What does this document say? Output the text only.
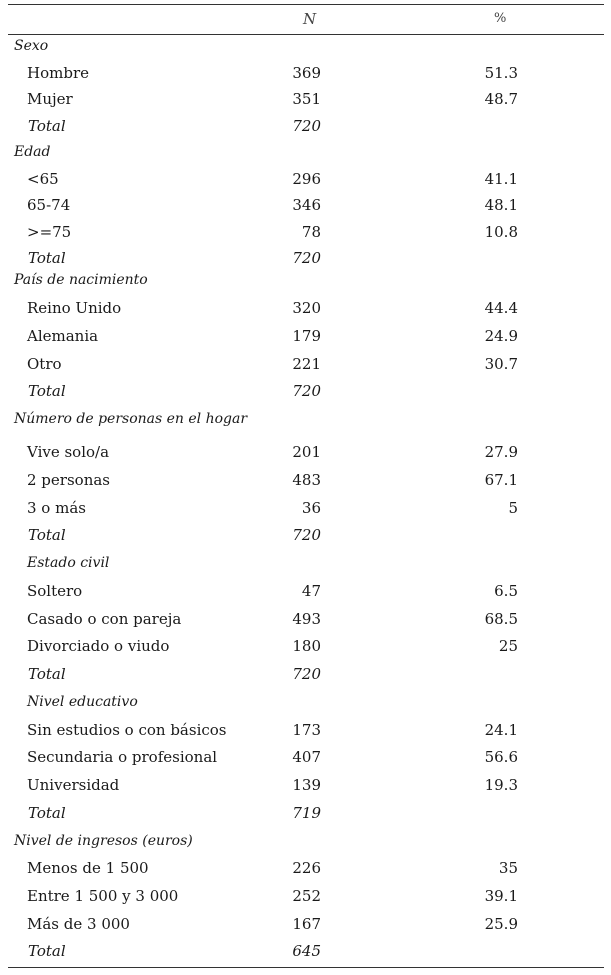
N	%
Sexo
Hombre	369	51.3
Mujer	351	48.7
Total	720
Edad
<65	296	41.1
65-74	346	48.1
>=75	78	10.8
Total	720
País de nacimiento
Reino Unido	320	44.4
Alemania	179	24.9
Otro	221	30.7
Total	720
Número de personas en el hogar
Vive solo/a	201	27.9
2 personas	483	67.1
3 o más	36	5
Total	720
Estado civil
Soltero	47	6.5
Casado o con pareja	493	68.5
Divorciado o viudo	180	25
Total	720
Nivel educativo
Sin estudios o con básicos	173	24.1
Secundaria o profesional	407	56.6
Universidad	139	19.3
Total	719
Nivel de ingresos (euros)
Menos de 1 500	226	35
Entre 1 500 y 3 000	252	39.1
Más de 3 000	167	25.9
Total	645
